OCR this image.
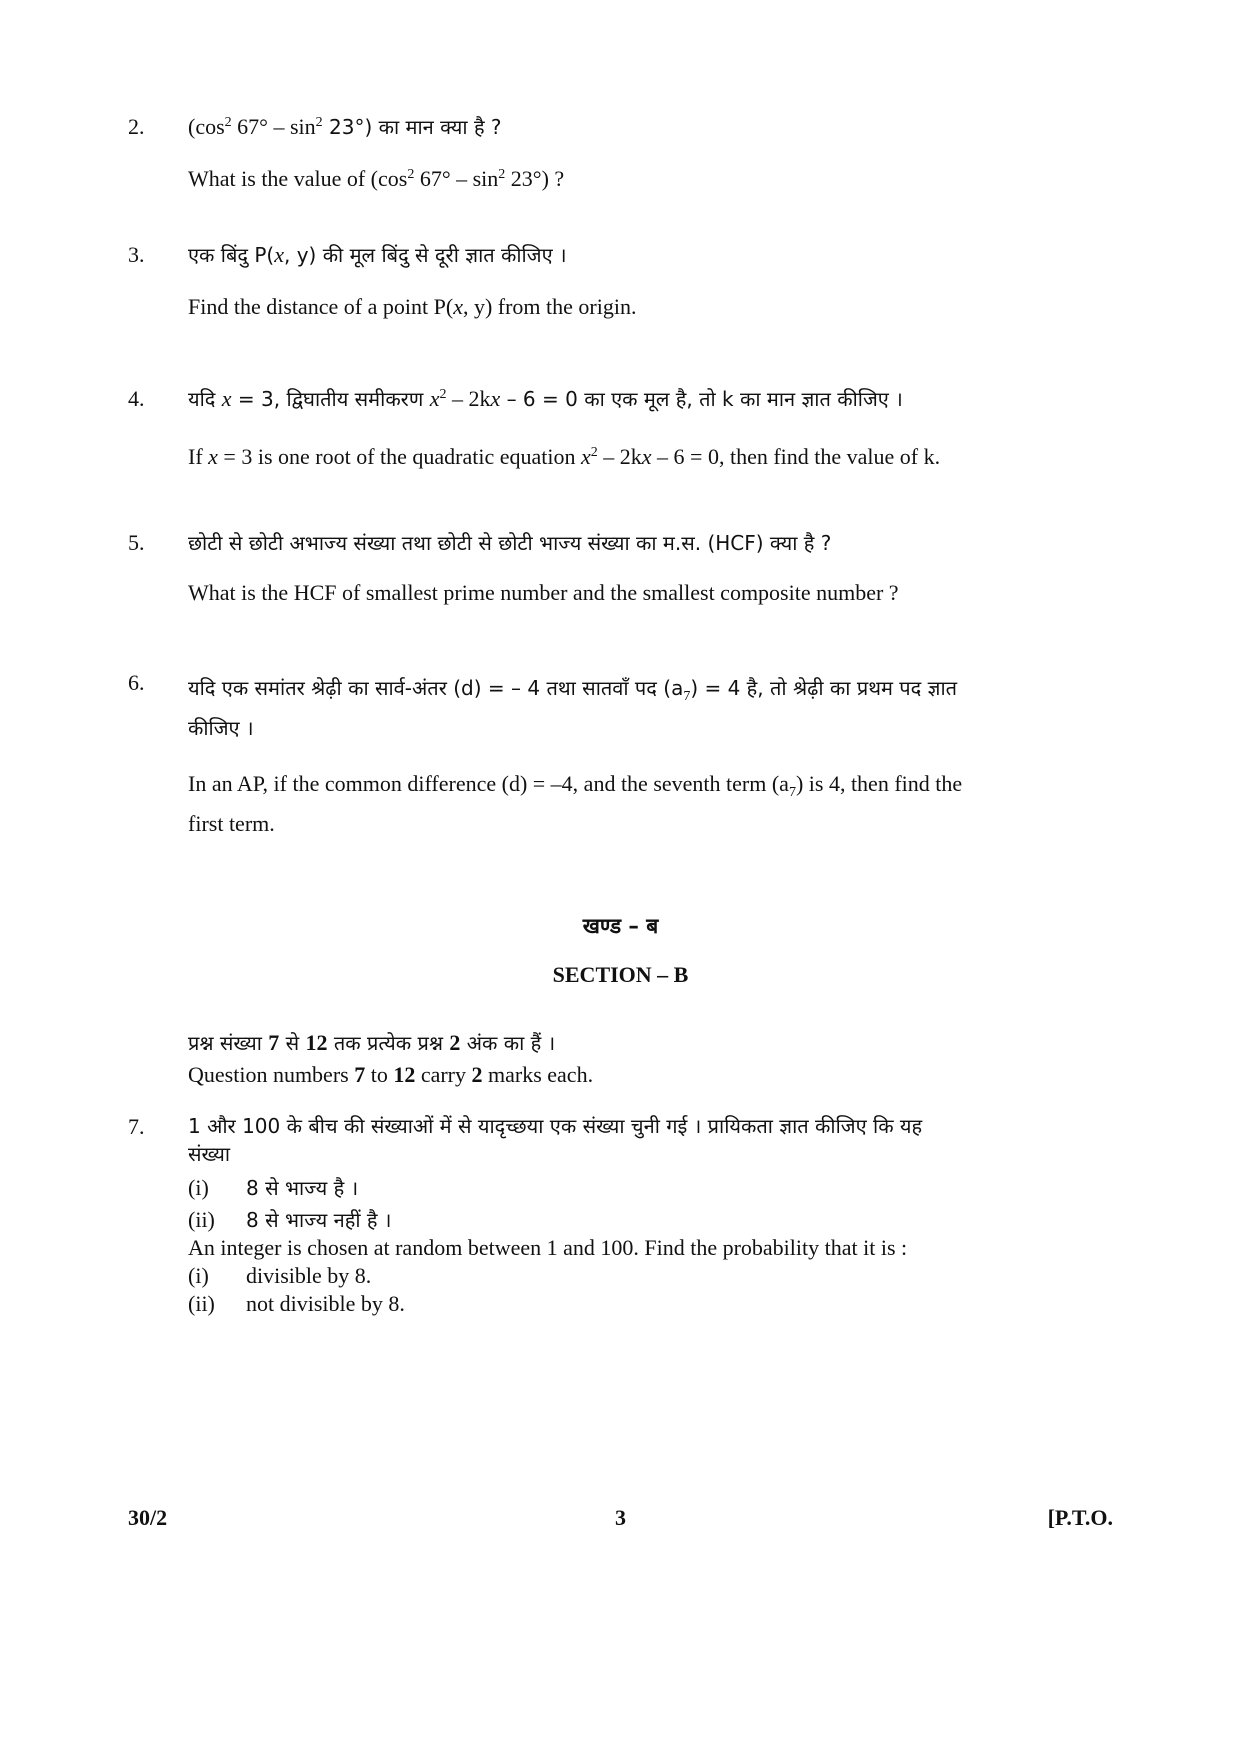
2. ($\cos^2$ $67^\circ - \sin^2 23^\circ$) का मान क्या है ?
What is the value of ($\cos^2$ $67^\circ - \sin^2 23^\circ$) ?
3. एक बिंदु P(x, y) की मूल बिंदु से दूरी ज्ञात कीजिए ।
Find the distance of a point P(x, y) from the origin.
4. यदि x = 3, द्विघातीय समीकरण $x^2 - 2kx - 6 = 0$ का एक मूल है, तो k का मान ज्ञात कीजिए ।
If x = 3 is one root of the quadratic equation $x^2 - 2kx - 6 = 0$, then find the value of k.
5. छोटी से छोटी अभाज्य संख्या तथा छोटी से छोटी भाज्य संख्या का म.स. (HCF) क्या है ?
What is the HCF of smallest prime number and the smallest composite number ?
6. यदि एक समांतर श्रेढ़ी का सार्व-अंतर (d) = – 4 तथा सातवाँ पद $(a_7) = 4$ है, तो श्रेढ़ी का प्रथम पद ज्ञात
कीजिए ।
In an AP, if the common difference (d) = –4, and the seventh term $(a_7)$ is 4, then find the
first term.
खण्ड – ब
SECTION – B
प्रश्न संख्या 7 से 12 तक प्रत्येक प्रश्न 2 अंक का हैं ।
Question numbers 7 to 12 carry 2 marks each.
7. 1 और 100 के बीच की संख्याओं में से यादृच्छया एक संख्या चुनी गई । प्रायिकता ज्ञात कीजिए कि यह
संख्या
(i)	8 से भाज्य है ।
(ii)	8 से भाज्य नहीं है ।
An integer is chosen at random between 1 and 100. Find the probability that it is :
(i)	divisible by 8.
(ii)	not divisible by 8.
30/2	3	[P.T.O.
